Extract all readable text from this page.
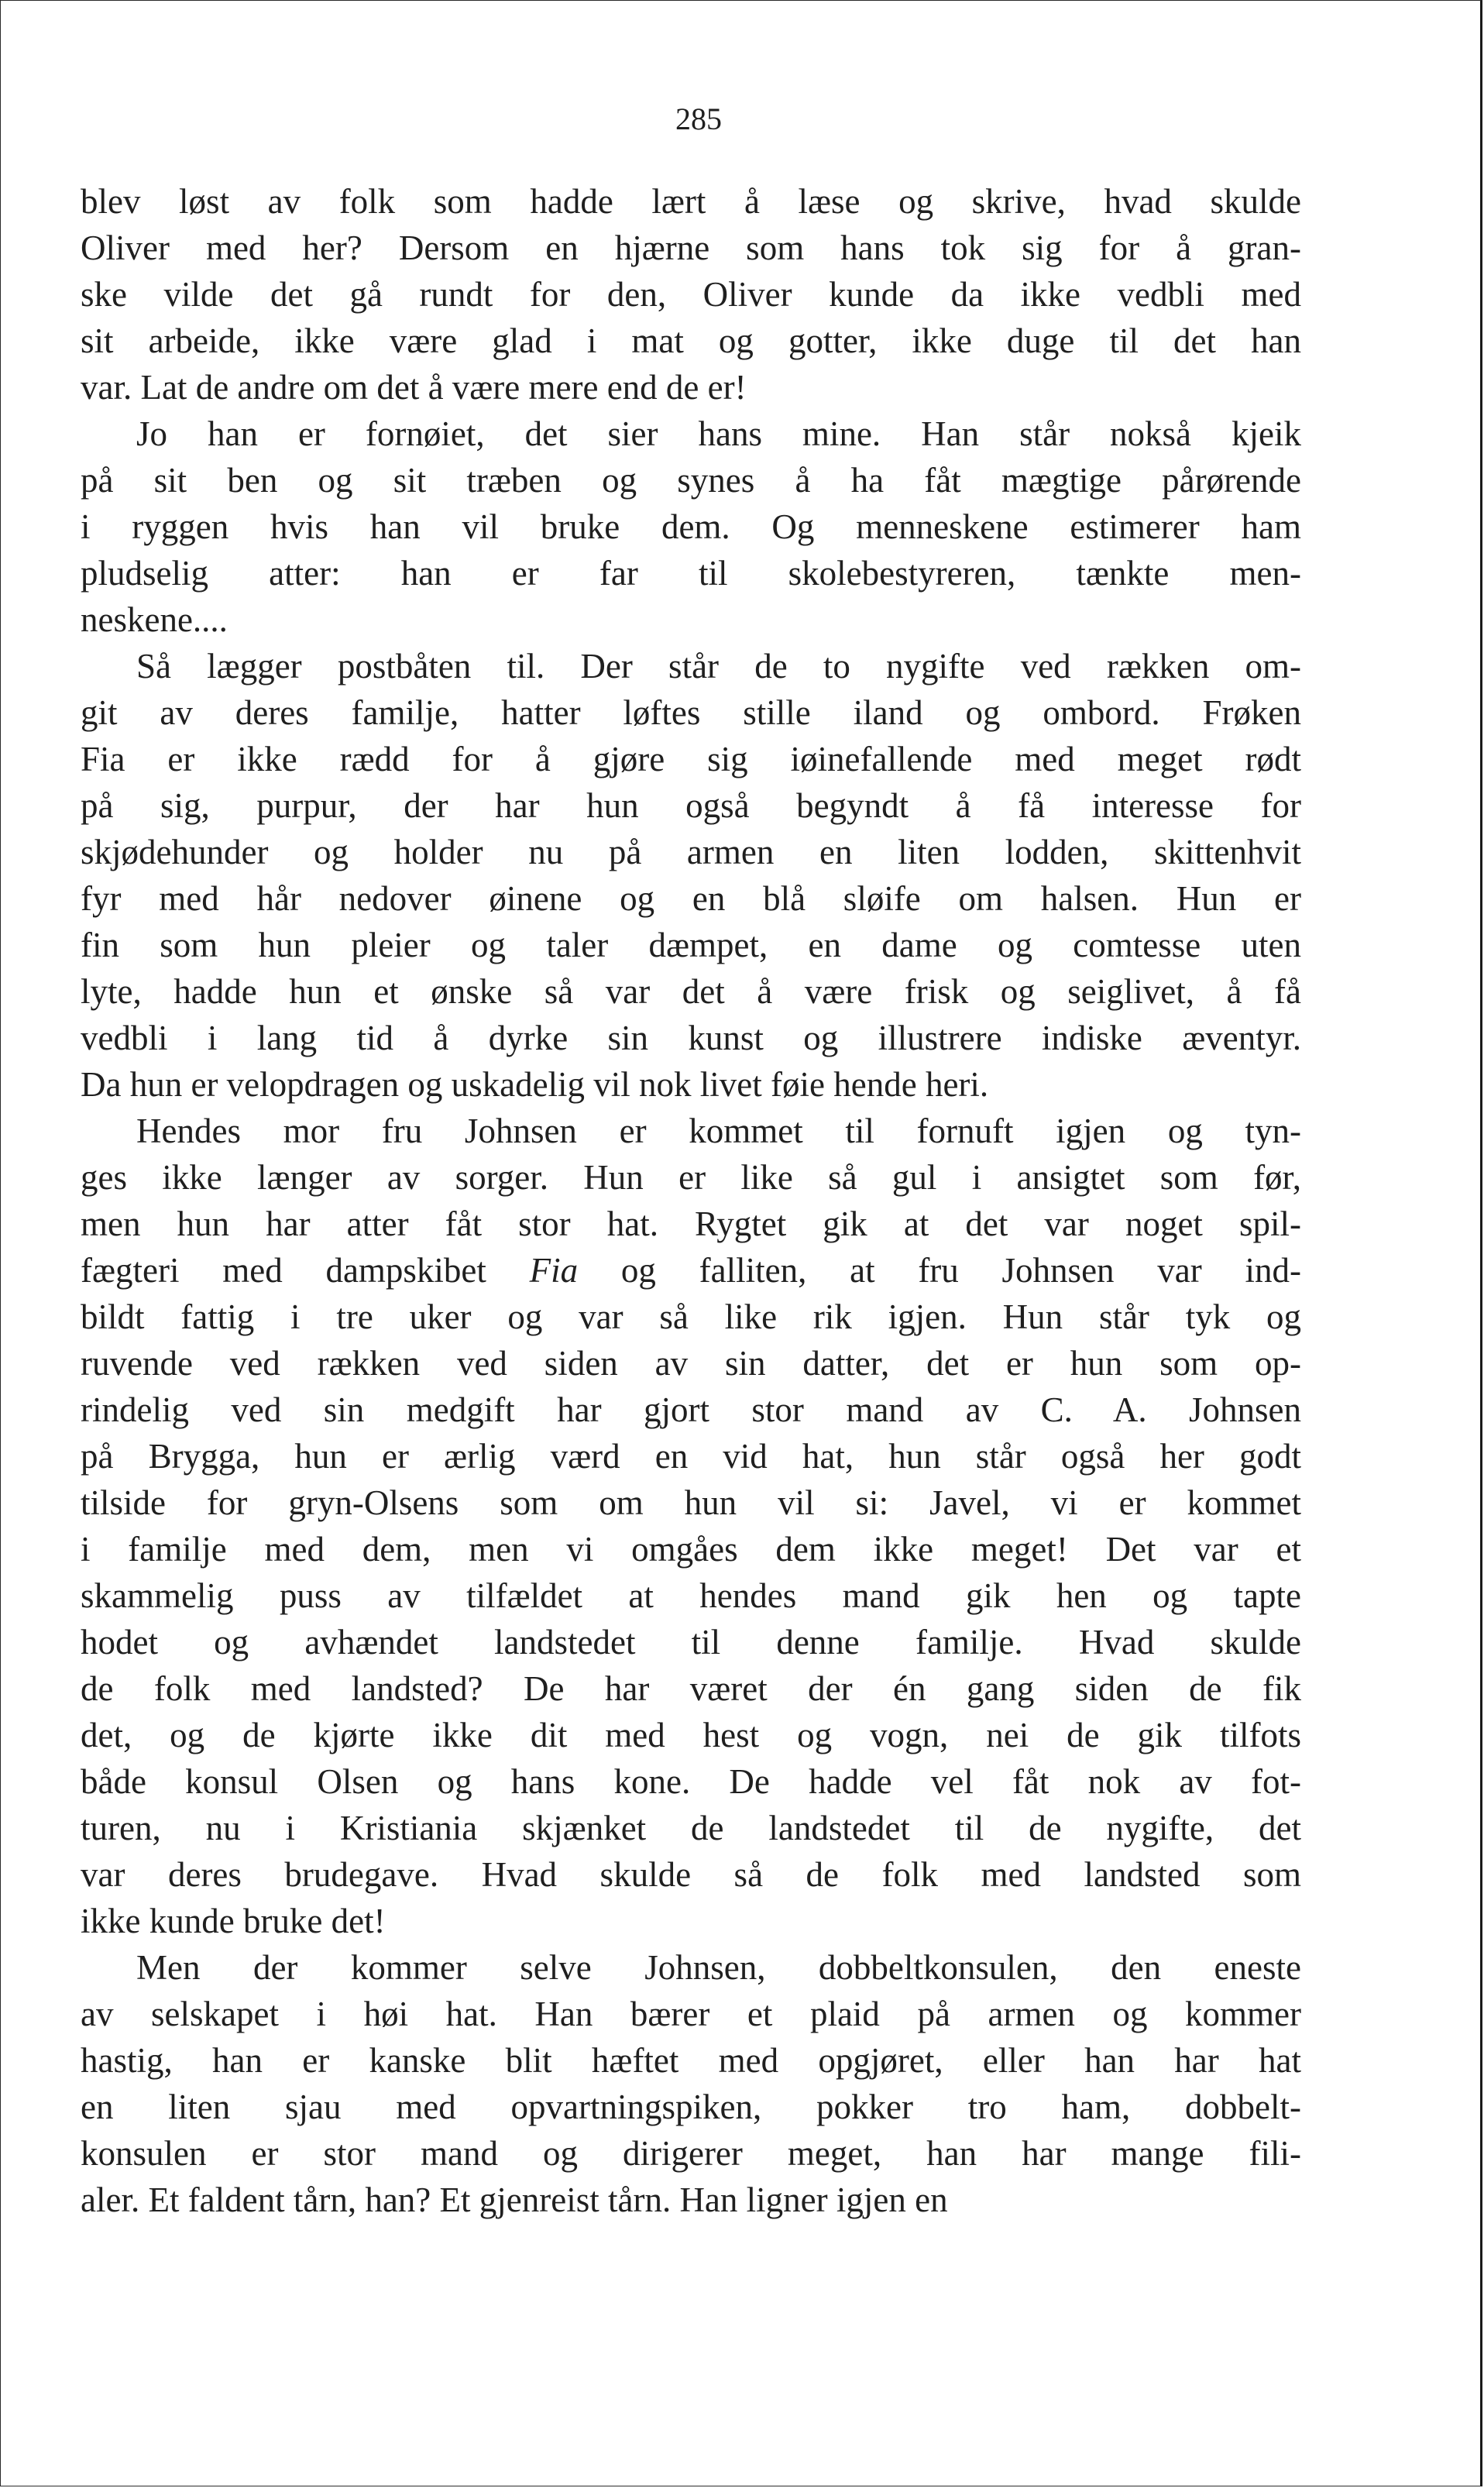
285
blev løst av folk som hadde lært å læse og skrive, hvad skulde
Oliver med her? Dersom en hjærne som hans tok sig for å gran-
ske vilde det gå rundt for den, Oliver kunde da ikke vedbli med
sit arbeide, ikke være glad i mat og gotter, ikke duge til det han
var. Lat de andre om det å være mere end de er!
Jo han er fornøiet, det sier hans mine. Han står nokså kjeik
på sit ben og sit træben og synes å ha fåt mægtige pårørende
i ryggen hvis han vil bruke dem. Og menneskene estimerer ham
pludselig atter: han er far til skolebestyreren, tænkte men-
neskene....
Så lægger postbåten til. Der står de to nygifte ved rækken om-
git av deres familje, hatter løftes stille iland og ombord. Frøken
Fia er ikke rædd for å gjøre sig iøinefallende med meget rødt
på sig, purpur, der har hun også begyndt å få interesse for
skjødehunder og holder nu på armen en liten lodden, skittenhvit
fyr med hår nedover øinene og en blå sløife om halsen. Hun er
fin som hun pleier og taler dæmpet, en dame og comtesse uten
lyte, hadde hun et ønske så var det å være frisk og seiglivet, å få
vedbli i lang tid å dyrke sin kunst og illustrere indiske æventyr.
Da hun er velopdragen og uskadelig vil nok livet føie hende heri.
Hendes mor fru Johnsen er kommet til fornuft igjen og tyn-
ges ikke længer av sorger. Hun er like så gul i ansigtet som før,
men hun har atter fåt stor hat. Rygtet gik at det var noget spil-
fægteri med dampskibet Fia og falliten, at fru Johnsen var ind-
bildt fattig i tre uker og var så like rik igjen. Hun står tyk og
ruvende ved rækken ved siden av sin datter, det er hun som op-
rindelig ved sin medgift har gjort stor mand av C. A. Johnsen
på Brygga, hun er ærlig værd en vid hat, hun står også her godt
tilside for gryn-Olsens som om hun vil si: Javel, vi er kommet
i familje med dem, men vi omgåes dem ikke meget! Det var et
skammelig puss av tilfældet at hendes mand gik hen og tapte
hodet og avhændet landstedet til denne familje. Hvad skulde
de folk med landsted? De har været der én gang siden de fik
det, og de kjørte ikke dit med hest og vogn, nei de gik tilfots
både konsul Olsen og hans kone. De hadde vel fåt nok av fot-
turen, nu i Kristiania skjænket de landstedet til de nygifte, det
var deres brudegave. Hvad skulde så de folk med landsted som
ikke kunde bruke det!
Men der kommer selve Johnsen, dobbeltkonsulen, den eneste
av selskapet i høi hat. Han bærer et plaid på armen og kommer
hastig, han er kanske blit hæftet med opgjøret, eller han har hat
en liten sjau med opvartningspiken, pokker tro ham, dobbelt-
konsulen er stor mand og dirigerer meget, han har mange fili-
aler. Et faldent tårn, han? Et gjenreist tårn. Han ligner igjen en
